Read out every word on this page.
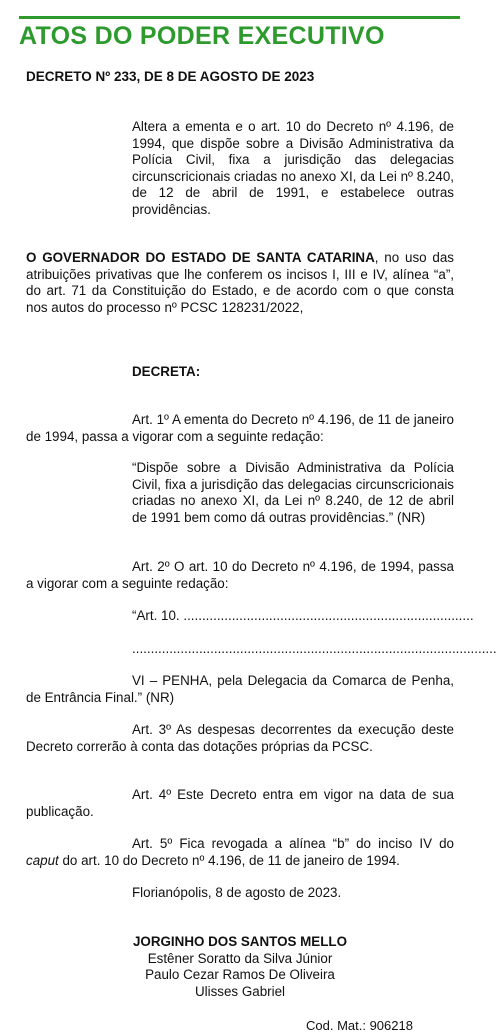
ATOS DO PODER EXECUTIVO
DECRETO Nº 233, DE 8 DE AGOSTO DE 2023
Altera a ementa e o art. 10 do Decreto nº 4.196, de 1994, que dispõe sobre a Divisão Administrativa da Polícia Civil, fixa a jurisdição das delegacias circunscricionais criadas no anexo XI, da Lei nº 8.240, de 12 de abril de 1991, e estabelece outras providências.
O GOVERNADOR DO ESTADO DE SANTA CATARINA, no uso das atribuições privativas que lhe conferem os incisos I, III e IV, alínea “a”, do art. 71 da Constituição do Estado, e de acordo com o que consta nos autos do processo nº PCSC 128231/2022,
DECRETA:
Art. 1º A ementa do Decreto nº 4.196, de 11 de janeiro de 1994, passa a vigorar com a seguinte redação:
“Dispõe sobre a Divisão Administrativa da Polícia Civil, fixa a jurisdição das delegacias circunscricionais criadas no anexo XI, da Lei nº 8.240, de 12 de abril de 1991 bem como dá outras providências.” (NR)
Art. 2º O art. 10 do Decreto nº 4.196, de 1994, passa a vigorar com a seguinte redação:
“Art. 10. ..............................................................................
..................................................................................................
VI – PENHA, pela Delegacia da Comarca de Penha, de Entrância Final.” (NR)
Art. 3º As despesas decorrentes da execução deste Decreto correrão à conta das dotações próprias da PCSC.
Art. 4º Este Decreto entra em vigor na data de sua publicação.
Art. 5º Fica revogada a alínea “b” do inciso IV do caput do art. 10 do Decreto nº 4.196, de 11 de janeiro de 1994.
Florianópolis, 8 de agosto de 2023.
JORGINHO DOS SANTOS MELLO
Estêner Soratto da Silva Júnior
Paulo Cezar Ramos De Oliveira
Ulisses Gabriel
Cod. Mat.: 906218
